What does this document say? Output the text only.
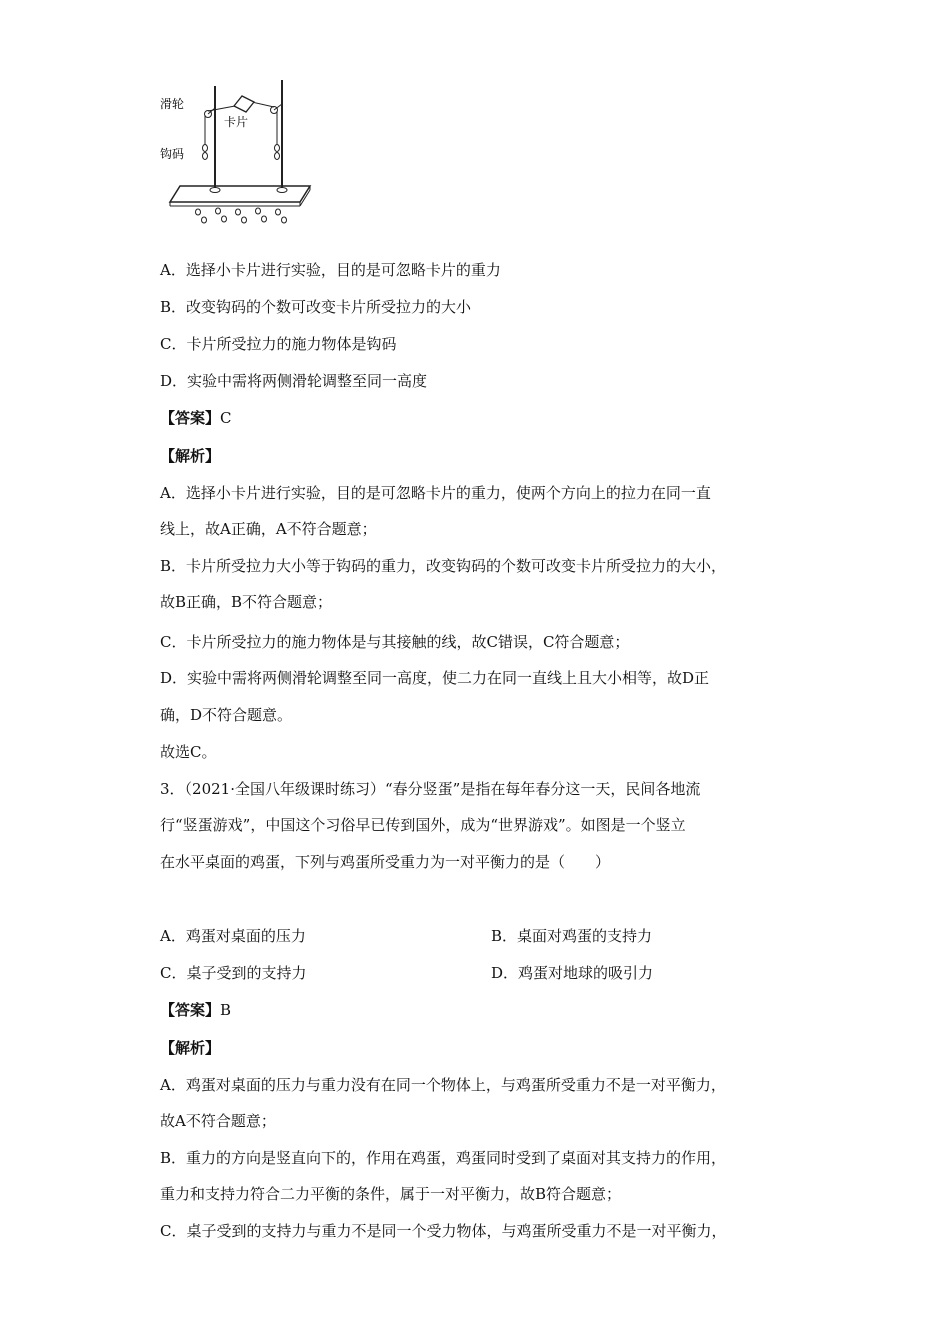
滑轮
卡片
钩码
A．选择小卡片进行实验，目的是可忽略卡片的重力
B．改变钩码的个数可改变卡片所受拉力的大小
C．卡片所受拉力的施力物体是钩码
D．实验中需将两侧滑轮调整至同一高度
【答案】C
【解析】
A．选择小卡片进行实验，目的是可忽略卡片的重力，使两个方向上的拉力在同一直
线上，故A正确，A不符合题意；
B．卡片所受拉力大小等于钩码的重力，改变钩码的个数可改变卡片所受拉力的大小，
故B正确，B不符合题意；
C．卡片所受拉力的施力物体是与其接触的线，故C错误，C符合题意；
D．实验中需将两侧滑轮调整至同一高度，使二力在同一直线上且大小相等，故D正
确，D不符合题意。
故选C。
3．（2021·全国八年级课时练习）“春分竖蛋”是指在每年春分这一天，民间各地流
行“竖蛋游戏”，中国这个习俗早已传到国外，成为“世界游戏”。如图是一个竖立
在水平桌面的鸡蛋，下列与鸡蛋所受重力为一对平衡力的是（　　）
A．鸡蛋对桌面的压力	B．桌面对鸡蛋的支持力
C．桌子受到的支持力	D．鸡蛋对地球的吸引力
【答案】B
【解析】
A．鸡蛋对桌面的压力与重力没有在同一个物体上，与鸡蛋所受重力不是一对平衡力，
故A不符合题意；
B．重力的方向是竖直向下的，作用在鸡蛋，鸡蛋同时受到了桌面对其支持力的作用，
重力和支持力符合二力平衡的条件，属于一对平衡力，故B符合题意；
C．桌子受到的支持力与重力不是同一个受力物体，与鸡蛋所受重力不是一对平衡力，
